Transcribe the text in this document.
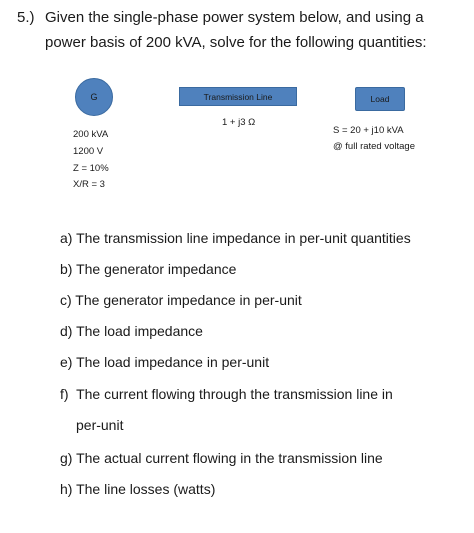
5.) Given the single-phase power system below, and using a
power basis of 200 kVA, solve for the following quantities:
G	Transmission Line	Load
1 + j3 Ω
200 kVA
1200 V
Z = 10%
X/R = 3
S = 20 + j10 kVA
@ full rated voltage
a) The transmission line impedance in per-unit quantities
b) The generator impedance
c) The generator impedance in per-unit
d) The load impedance
e) The load impedance in per-unit
f)  The current flowing through the transmission line in
per-unit
g) The actual current flowing in the transmission line
h) The line losses (watts)
